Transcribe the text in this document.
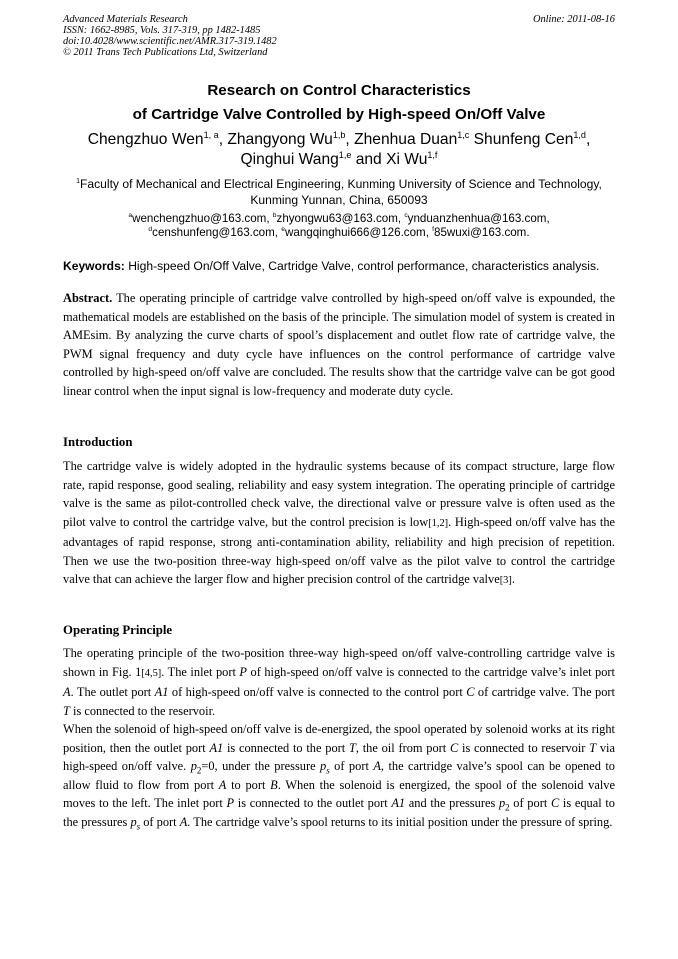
Advanced Materials Research
ISSN: 1662-8985, Vols. 317-319, pp 1482-1485
doi:10.4028/www.scientific.net/AMR.317-319.1482
© 2011 Trans Tech Publications Ltd, Switzerland
Online: 2011-08-16
Research on Control Characteristics
of Cartridge Valve Controlled by High-speed On/Off Valve
Chengzhuo Wen$^{1, a}$, Zhangyong Wu$^{1,b}$, Zhenhua Duan$^{1,c}$ Shunfeng Cen$^{1,d}$,
Qinghui Wang$^{1,e}$ and Xi Wu$^{1,f}$
$^1$Faculty of Mechanical and Electrical Engineering, Kunming University of Science and Technology,
Kunming Yunnan, China, 650093
$^a$wenchengzhuo@163.com, $^b$zhyongwu63@163.com, $^c$ynduanzhenhua@163.com,
$^d$censhunfeng@163.com, $^e$wangqinghui666@126.com, $^f$85wuxi@163.com.
Keywords: High-speed On/Off Valve, Cartridge Valve, control performance, characteristics analysis.

Abstract. The operating principle of cartridge valve controlled by high-speed on/off valve is expounded, the mathematical models are established on the basis of the principle. The simulation model of system is created in AMEsim. By analyzing the curve charts of spool’s displacement and outlet flow rate of cartridge valve, the PWM signal frequency and duty cycle have influences on the control performance of cartridge valve controlled by high-speed on/off valve are concluded. The results show that the cartridge valve can be got good linear control when the input signal is low-frequency and moderate duty cycle.

Introduction

The cartridge valve is widely adopted in the hydraulic systems because of its compact structure, large flow rate, rapid response, good sealing, reliability and easy system integration. The operating principle of cartridge valve is the same as pilot-controlled check valve, the directional valve or pressure valve is often used as the pilot valve to control the cartridge valve, but the control precision is low[1,2]. High-speed on/off valve has the advantages of rapid response, strong anti-contamination ability, reliability and high precision of repetition. Then we use the two-position three-way high-speed on/off valve as the pilot valve to control the cartridge valve that can achieve the larger flow and higher precision control of the cartridge valve[3].

Operating Principle

The operating principle of the two-position three-way high-speed on/off valve-controlling cartridge valve is shown in Fig. 1[4,5]. The inlet port P of high-speed on/off valve is connected to the cartridge valve’s inlet port A. The outlet port A1 of high-speed on/off valve is connected to the control port C of cartridge valve. The port T is connected to the reservoir.

When the solenoid of high-speed on/off valve is de-energized, the spool operated by solenoid works at its right position, then the outlet port A1 is connected to the port T, the oil from port C is connected to reservoir T via high-speed on/off valve. $p_2=0$, under the pressure $p_s$ of port A, the cartridge valve’s spool can be opened to allow fluid to flow from port A to port B. When the solenoid is energized, the spool of the solenoid valve moves to the left. The inlet port P is connected to the outlet port A1 and the pressures $p_2$ of port C is equal to the pressures $p_s$ of port A. The cartridge valve’s spool returns to its initial position under the pressure of spring.
